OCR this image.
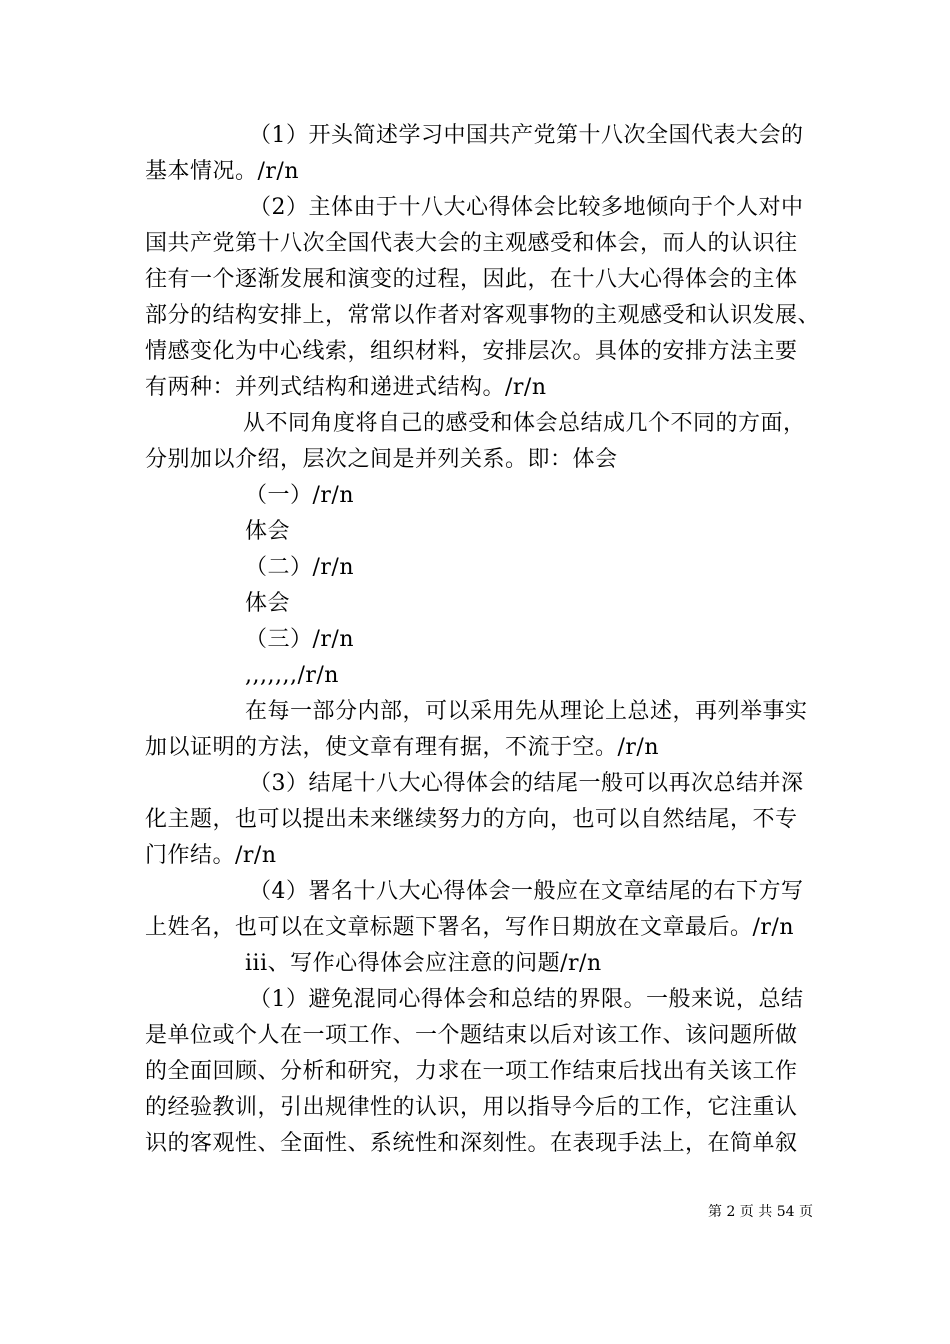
（1）开头简述学习中国共产党第十八次全国代表大会的
基本情况。/r/n
（2）主体由于十八大心得体会比较多地倾向于个人对中
国共产党第十八次全国代表大会的主观感受和体会，而人的认识往
往有一个逐渐发展和演变的过程，因此，在十八大心得体会的主体
部分的结构安排上，常常以作者对客观事物的主观感受和认识发展、
情感变化为中心线索，组织材料，安排层次。具体的安排方法主要
有两种：并列式结构和递进式结构。/r/n
从不同角度将自己的感受和体会总结成几个不同的方面，
分别加以介绍，层次之间是并列关系。即：体会
（一）/r/n
体会
（二）/r/n
体会
（三）/r/n
,,,,,,,/r/n
在每一部分内部，可以采用先从理论上总述，再列举事实
加以证明的方法，使文章有理有据，不流于空。/r/n
（3）结尾十八大心得体会的结尾一般可以再次总结并深
化主题，也可以提出未来继续努力的方向，也可以自然结尾，不专
门作结。/r/n
（4）署名十八大心得体会一般应在文章结尾的右下方写
上姓名，也可以在文章标题下署名，写作日期放在文章最后。/r/n
iii、写作心得体会应注意的问题/r/n
（1）避免混同心得体会和总结的界限。一般来说，总结
是单位或个人在一项工作、一个题结束以后对该工作、该问题所做
的全面回顾、分析和研究，力求在一项工作结束后找出有关该工作
的经验教训，引出规律性的认识，用以指导今后的工作，它注重认
识的客观性、全面性、系统性和深刻性。在表现手法上，在简单叙
第 2 页 共 54 页
